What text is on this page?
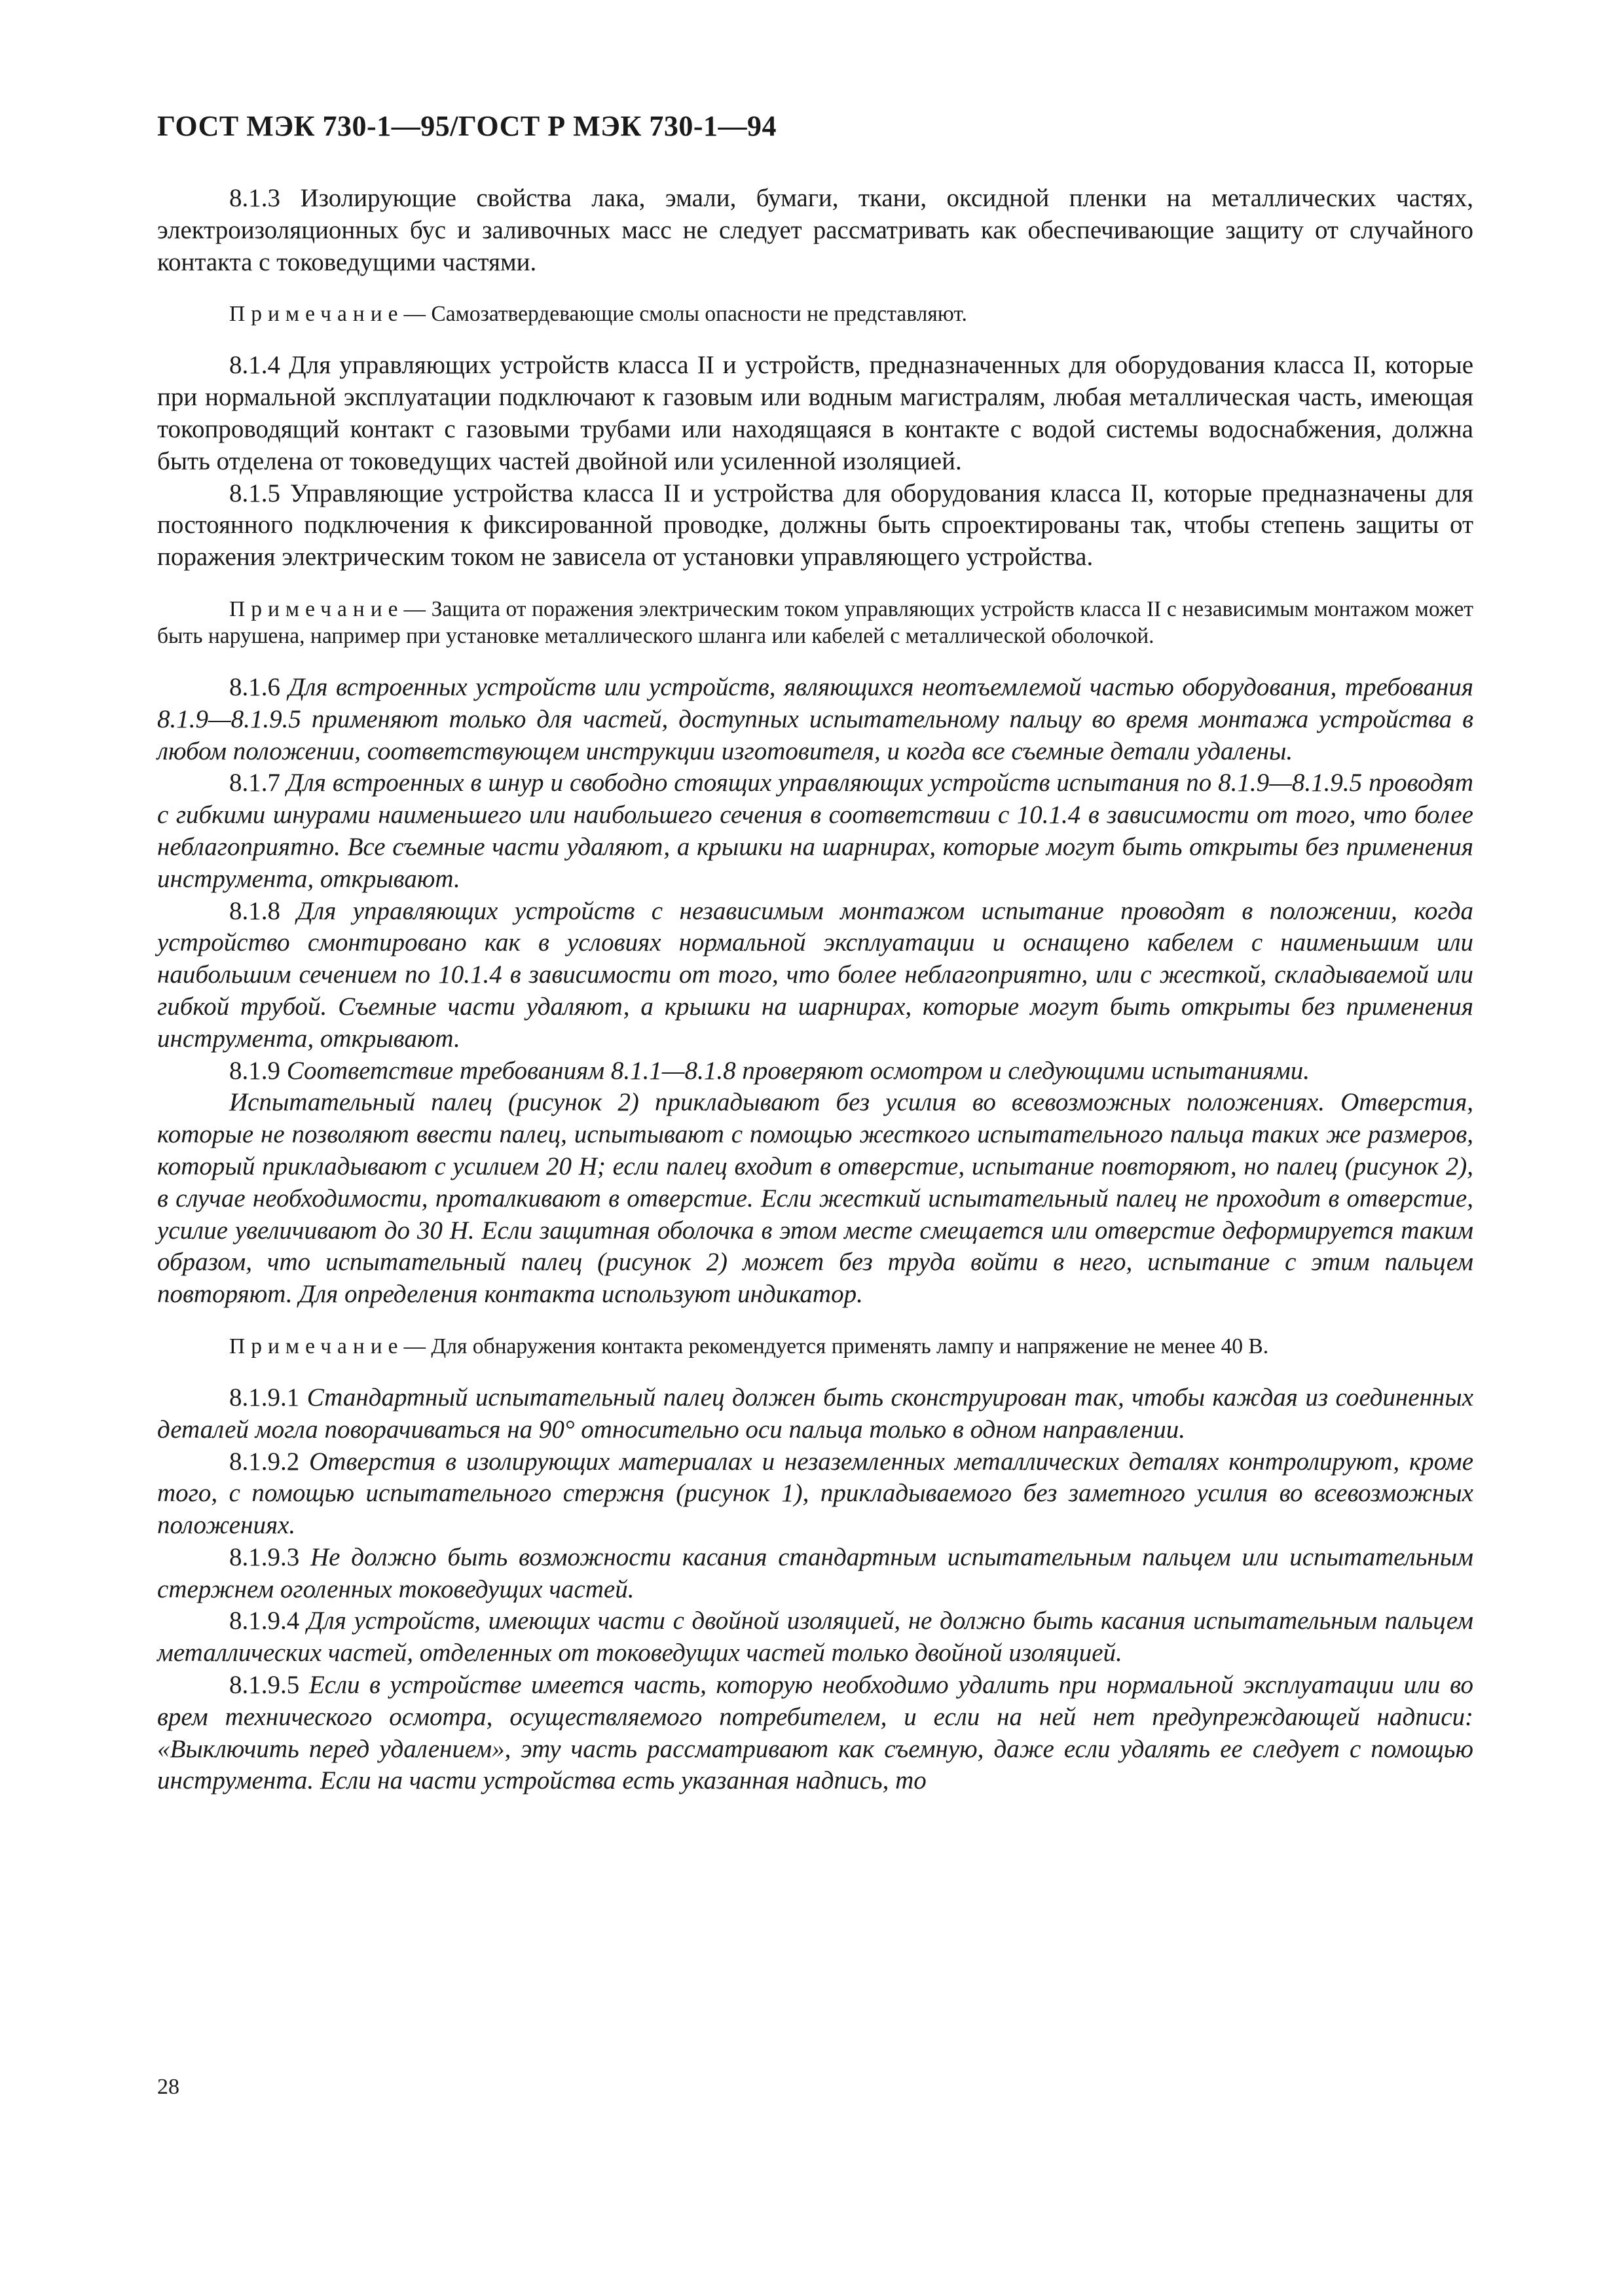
ГОСТ МЭК 730-1—95/ГОСТ Р МЭК 730-1—94

8.1.3 Изолирующие свойства лака, эмали, бумаги, ткани, оксидной пленки на металлических частях, электроизоляционных бус и заливочных масс не следует рассматривать как обеспечивающие защиту от случайного контакта с токоведущими частями.

Примечание— Самозатвердевающие смолы опасности не представляют.

8.1.4 Для управляющих устройств класса II и устройств, предназначенных для оборудования класса II, которые при нормальной эксплуатации подключают к газовым или водным магистралям, любая металлическая часть, имеющая токопроводящий контакт с газовыми трубами или находящаяся в контакте с водой системы водоснабжения, должна быть отделена от токоведущих частей двойной или усиленной изоляцией.

8.1.5 Управляющие устройства класса II и устройства для оборудования класса II, которые предназначены для постоянного подключения к фиксированной проводке, должны быть спроектированы так, чтобы степень защиты от поражения электрическим током не зависела от установки управляющего устройства.

Примечание— Защита от поражения электрическим током управляющих устройств класса II с независимым монтажом может быть нарушена, например при установке металлического шланга или кабелей с металлической оболочкой.

8.1.6 Для встроенных устройств или устройств, являющихся неотъемлемой частью оборудования, требования 8.1.9—8.1.9.5 применяют только для частей, доступных испытательному пальцу во время монтажа устройства в любом положении, соответствующем инструкции изготовителя, и когда все съемные детали удалены.

8.1.7 Для встроенных в шнур и свободно стоящих управляющих устройств испытания по 8.1.9—8.1.9.5 проводят с гибкими шнурами наименьшего или наибольшего сечения в соответствии с 10.1.4 в зависимости от того, что более неблагоприятно. Все съемные части удаляют, а крышки на шарнирах, которые могут быть открыты без применения инструмента, открывают.

8.1.8 Для управляющих устройств с независимым монтажом испытание проводят в положении, когда устройство смонтировано как в условиях нормальной эксплуатации и оснащено кабелем с наименьшим или наибольшим сечением по 10.1.4 в зависимости от того, что более неблагоприятно, или с жесткой, складываемой или гибкой трубой. Съемные части удаляют, а крышки на шарнирах, которые могут быть открыты без применения инструмента, открывают.

8.1.9 Соответствие требованиям 8.1.1—8.1.8 проверяют осмотром и следующими испытаниями.

Испытательный палец (рисунок 2) прикладывают без усилия во всевозможных положениях. Отверстия, которые не позволяют ввести палец, испытывают с помощью жесткого испытательного пальца таких же размеров, который прикладывают с усилием 20 Н; если палец входит в отверстие, испытание повторяют, но палец (рисунок 2), в случае необходимости, проталкивают в отверстие. Если жесткий испытательный палец не проходит в отверстие, усилие увеличивают до 30 Н. Если защитная оболочка в этом месте смещается или отверстие деформируется таким образом, что испытательный палец (рисунок 2) может без труда войти в него, испытание с этим пальцем повторяют. Для определения контакта используют индикатор.

Примечание— Для обнаружения контакта рекомендуется применять лампу и напряжение не менее 40 В.

8.1.9.1 Стандартный испытательный палец должен быть сконструирован так, чтобы каждая из соединенных деталей могла поворачиваться на 90° относительно оси пальца только в одном направлении.

8.1.9.2 Отверстия в изолирующих материалах и незаземленных металлических деталях контролируют, кроме того, с помощью испытательного стержня (рисунок 1), прикладываемого без заметного усилия во всевозможных положениях.

8.1.9.3 Не должно быть возможности касания стандартным испытательным пальцем или испытательным стержнем оголенных токоведущих частей.

8.1.9.4 Для устройств, имеющих части с двойной изоляцией, не должно быть касания испытательным пальцем металлических частей, отделенных от токоведущих частей только двойной изоляцией.

8.1.9.5 Если в устройстве имеется часть, которую необходимо удалить при нормальной эксплуатации или во врем технического осмотра, осуществляемого потребителем, и если на ней нет предупреждающей надписи: «Выключить перед удалением», эту часть рассматривают как съемную, даже если удалять ее следует с помощью инструмента. Если на части устройства есть указанная надпись, то

28
